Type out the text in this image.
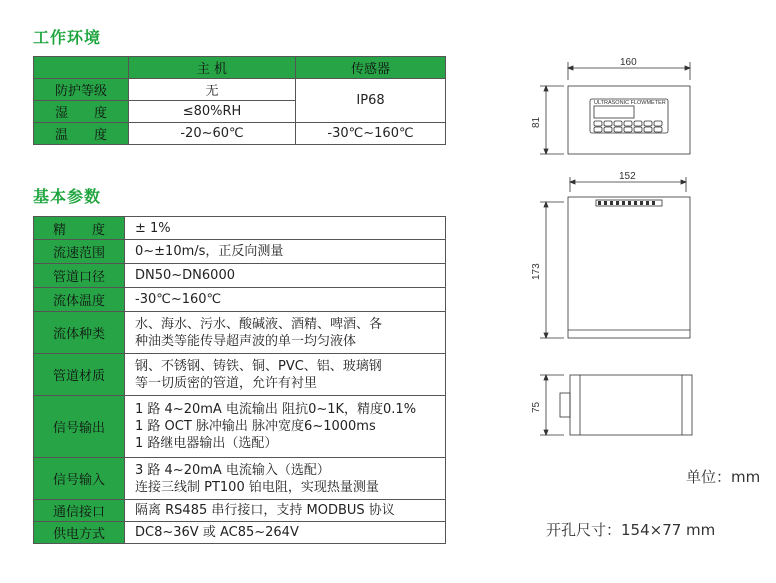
工作环境
	主 机	传感器
防护等级	无	IP68
湿　　度	≤80%RH	
温　　度	-20~60℃	-30℃~160℃
基本参数
精　　度	± 1%

流速范围	0~±10m/s，正反向测量

管道口径	DN50~DN6000

流体温度	-30℃~160℃

流体种类	水、海水、污水、酸碱液、酒精、啤酒、各
种油类等能传导超声波的单一均匀液体

管道材质	钢、不锈钢、铸铁、铜、PVC、铝、玻璃钢
等一切质密的管道，允许有衬里

信号输出	1 路 4~20mA 电流输出 阻抗0~1K，精度0.1%
1 路 OCT 脉冲输出 脉冲宽度6~1000ms
1 路继电器输出（选配）

信号输入	3 路 4~20mA 电流输入（选配）
连接三线制 PT100 铂电阻，实现热量测量

通信接口	隔离 RS485 串行接口，支持 MODBUS 协议

供电方式	DC8~36V 或 AC85~264V
160
ULTRASONIC FLOWMETER
81
152
173
75
单位：mm
开孔尺寸：154×77 mm
